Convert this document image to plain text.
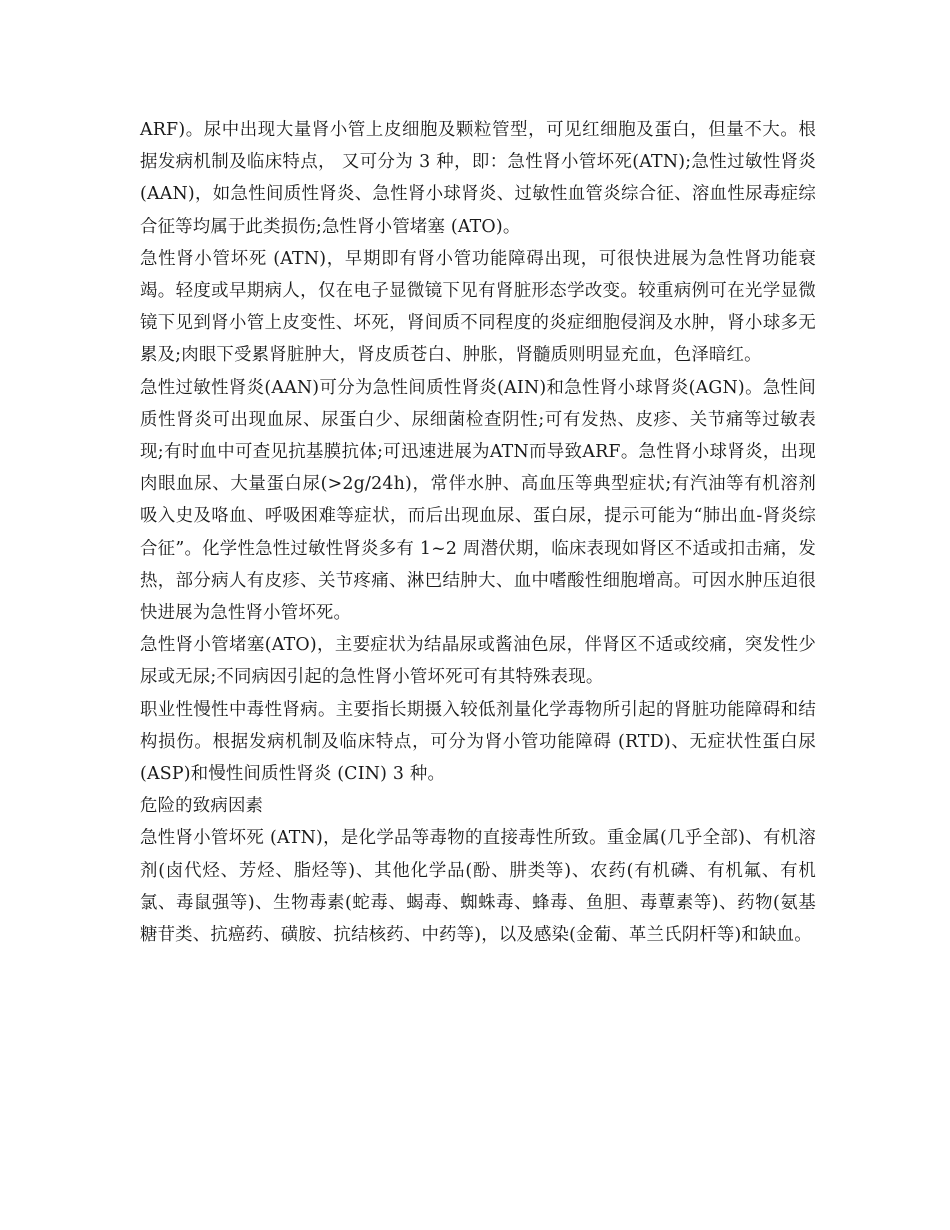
ARF)。尿中出现大量肾小管上皮细胞及颗粒管型，可见红细胞及蛋白，但量不大。根据发病机制及临床特点， 又可分为 3 种，即：急性肾小管坏死(ATN);急性过敏性肾炎(AAN)，如急性间质性肾炎、急性肾小球肾炎、过敏性血管炎综合征、溶血性尿毒症综合征等均属于此类损伤;急性肾小管堵塞 (ATO)。

急性肾小管坏死 (ATN)，早期即有肾小管功能障碍出现，可很快进展为急性肾功能衰竭。轻度或早期病人，仅在电子显微镜下见有肾脏形态学改变。较重病例可在光学显微镜下见到肾小管上皮变性、坏死，肾间质不同程度的炎症细胞侵润及水肿，肾小球多无累及;肉眼下受累肾脏肿大，肾皮质苍白、肿胀，肾髓质则明显充血，色泽暗红。

急性过敏性肾炎(AAN)可分为急性间质性肾炎(AIN)和急性肾小球肾炎(AGN)。急性间质性肾炎可出现血尿、尿蛋白少、尿细菌检查阴性;可有发热、皮疹、关节痛等过敏表现;有时血中可查见抗基膜抗体;可迅速进展为ATN而导致ARF。急性肾小球肾炎，出现肉眼血尿、大量蛋白尿(>2g/24h)，常伴水肿、高血压等典型症状;有汽油等有机溶剂吸入史及咯血、呼吸困难等症状，而后出现血尿、蛋白尿，提示可能为“肺出血-肾炎综合征”。化学性急性过敏性肾炎多有 1~2 周潜伏期，临床表现如肾区不适或扣击痛，发热，部分病人有皮疹、关节疼痛、淋巴结肿大、血中嗜酸性细胞增高。可因水肿压迫很快进展为急性肾小管坏死。

急性肾小管堵塞(ATO)，主要症状为结晶尿或酱油色尿，伴肾区不适或绞痛，突发性少尿或无尿;不同病因引起的急性肾小管坏死可有其特殊表现。

职业性慢性中毒性肾病。主要指长期摄入较低剂量化学毒物所引起的肾脏功能障碍和结构损伤。根据发病机制及临床特点，可分为肾小管功能障碍 (RTD)、无症状性蛋白尿 (ASP)和慢性间质性肾炎 (CIN) 3 种。

危险的致病因素

急性肾小管坏死 (ATN)，是化学品等毒物的直接毒性所致。重金属(几乎全部)、有机溶剂(卤代烃、芳烃、脂烃等)、其他化学品(酚、肼类等)、农药(有机磷、有机氟、有机氯、毒鼠强等)、生物毒素(蛇毒、蝎毒、蜘蛛毒、蜂毒、鱼胆、毒蕈素等)、药物(氨基糖苷类、抗癌药、磺胺、抗结核药、中药等)，以及感染(金葡、革兰氏阴杆等)和缺血。
